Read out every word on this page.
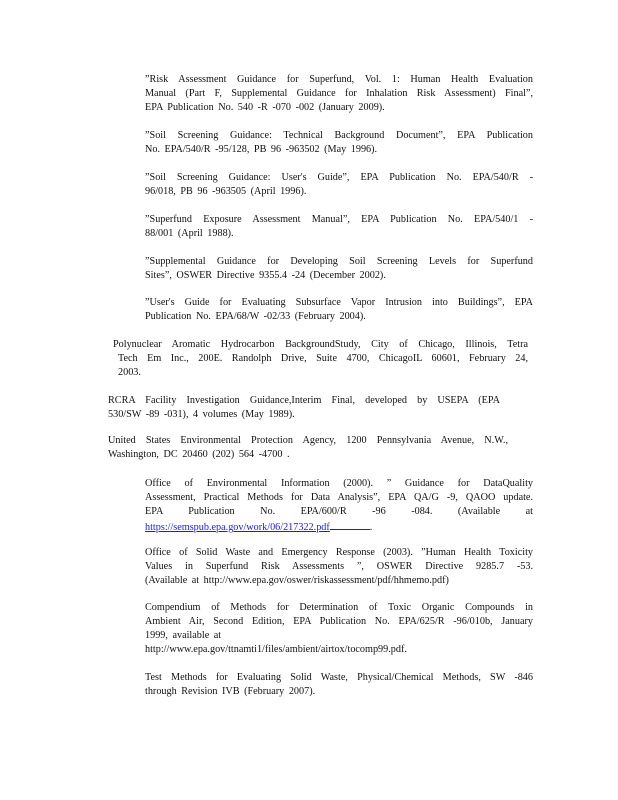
”Risk Assessment Guidance for Superfund, Vol. 1: Human Health Evaluation
Manual (Part F, Supplemental Guidance for Inhalation Risk Assessment) Final”,
EPA Publication No. 540 -R -070 -002 (January 2009).
”Soil Screening Guidance: Technical Background Document”, EPA Publication
No. EPA/540/R -95/128, PB 96 -963502 (May 1996).
”Soil Screening Guidance: User's Guide”, EPA Publication No. EPA/540/R -
96/018, PB 96 -963505 (April 1996).
”Superfund Exposure Assessment Manual”, EPA Publication No. EPA/540/1 -
88/001 (April 1988).
”Supplemental Guidance for Developing Soil Screening Levels for Superfund
Sites”, OSWER Directive 9355.4 -24 (December 2002).
”User's Guide for Evaluating Subsurface Vapor Intrusion into Buildings”, EPA
Publication No. EPA/68/W -02/33 (February 2004).
Polynuclear Aromatic Hydrocarbon BackgroundStudy, City of Chicago, Illinois, Tetra
Tech Em Inc., 200E. Randolph Drive, Suite 4700, ChicagoIL 60601, February 24,
2003.
RCRA Facility Investigation Guidance,Interim Final, developed by USEPA (EPA
530/SW -89 -031), 4 volumes (May 1989).
United States Environmental Protection Agency, 1200 Pennsylvania Avenue, N.W.,
Washington, DC 20460 (202) 564 -4700 .
Office of Environmental Information (2000). ” Guidance for DataQuality
Assessment, Practical Methods for Data Analysis”, EPA QA/G -9, QAOO update.
EPA Publication No. EPA/600/R -96 -084. (Available at
https://semspub.epa.gov/work/06/217322.pdf	.
Office of Solid Waste and Emergency Response (2003). ”Human Health Toxicity
Values in Superfund Risk Assessments ”, OSWER Directive 9285.7 -53.
(Available at http://www.epa.gov/oswer/riskassessment/pdf/hhmemo.pdf)
Compendium of Methods for Determination of Toxic Organic Compounds in
Ambient Air, Second Edition, EPA Publication No. EPA/625/R -96/010b, January
1999, available at
http://www.epa.gov/ttnamti1/files/ambient/airtox/tocomp99.pdf.
Test Methods for Evaluating Solid Waste, Physical/Chemical Methods, SW -846
through Revision IVB (February 2007).
